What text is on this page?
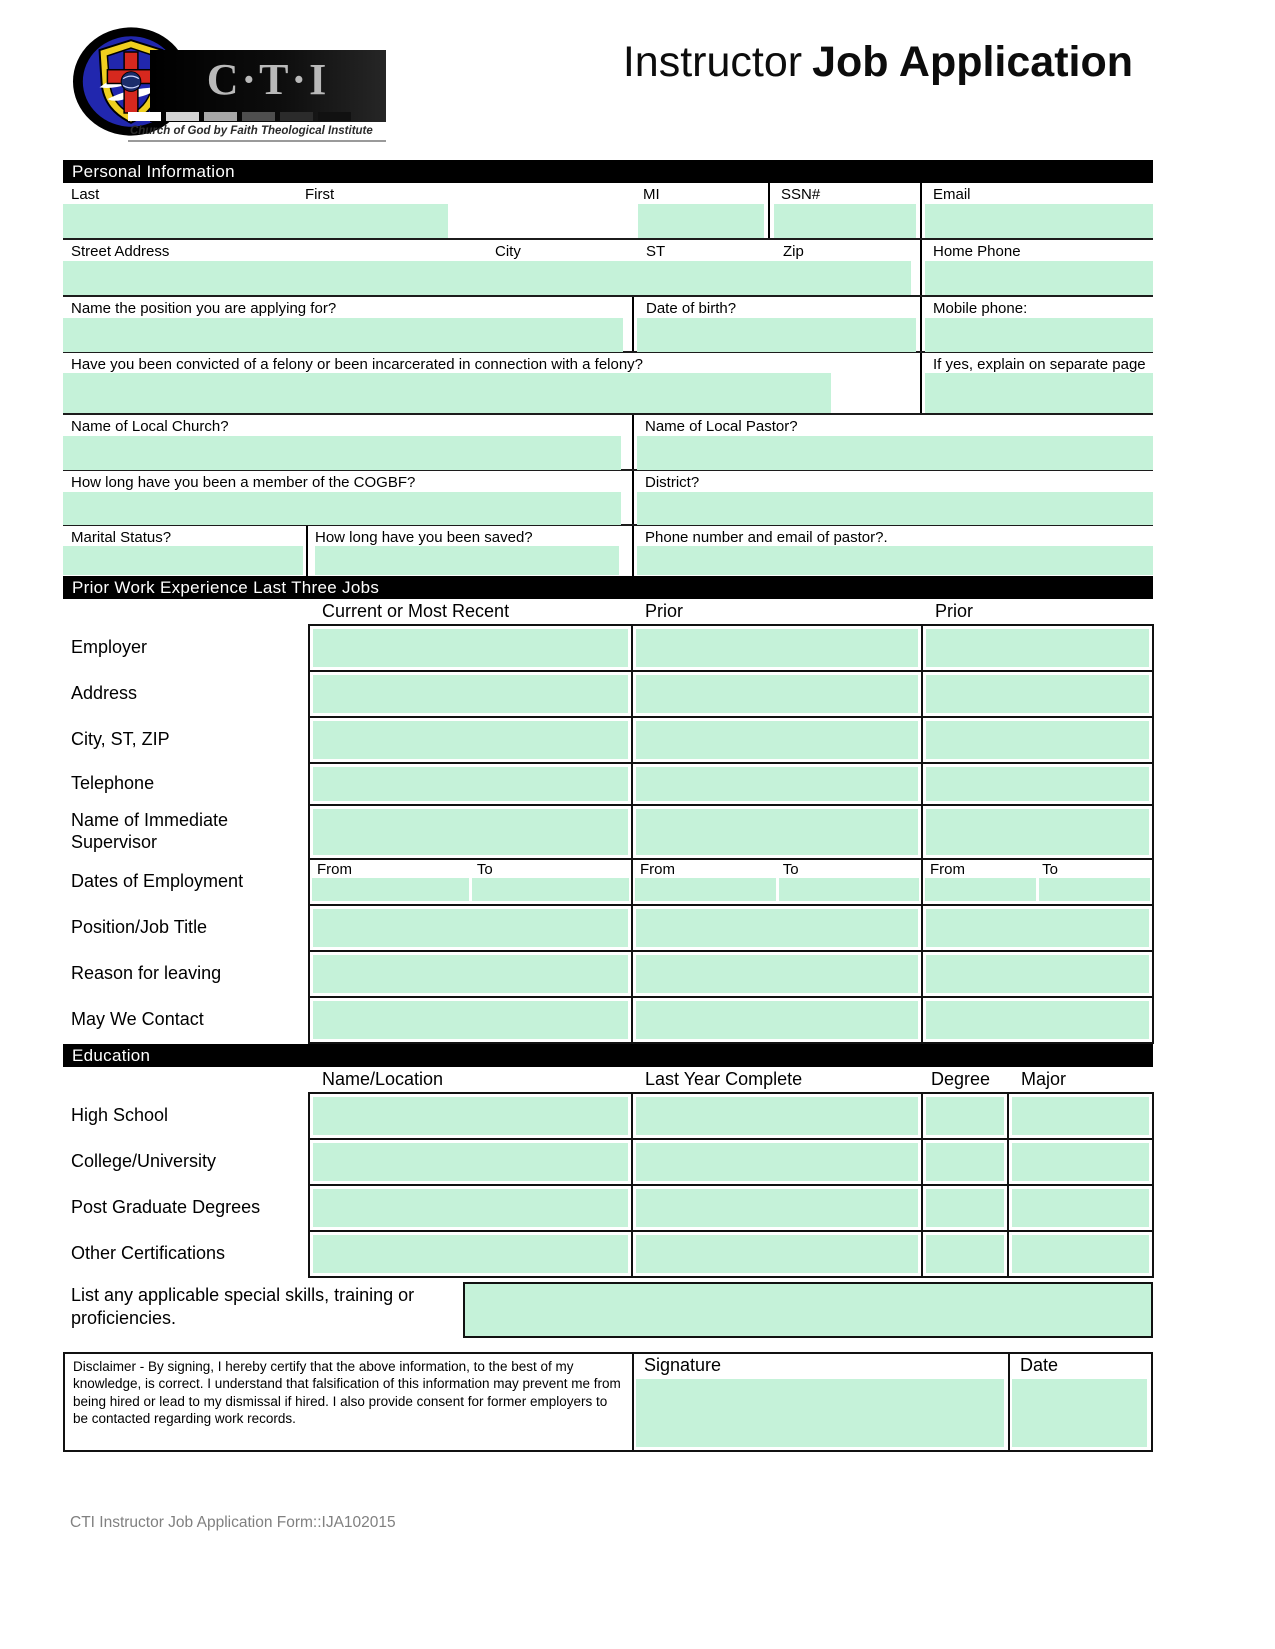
C·T·I
Church of God by Faith Theological Institute
Instructor Job Application
Personal Information
Last	First	MI	SSN#	Email
Street Address	City	ST	Zip	Home Phone
Name the position you are applying for?	Date of birth?	Mobile phone:
Have you been convicted of a felony or been incarcerated in connection with a felony?	If yes, explain on separate page
Name of Local Church?	Name of Local Pastor?
How long have you been a member of the COGBF?	District?
Marital Status?	How long have you been saved?	Phone number and email of pastor?.
Prior Work Experience Last Three Jobs
	Current or Most Recent	Prior	Prior
Employer	

Address	

City, ST, ZIP	

Telephone	

Name of Immediate Supervisor	

Dates of Employment	From To	From To	From To

Position/Job Title	

Reason for leaving	

May We Contact	

Education
	Name/Location	Last Year Complete	Degree	Major
High School	

College/University	

Post Graduate Degrees	

Other Certifications	

List any applicable special skills, training or proficiencies.
Disclaimer - By signing, I hereby certify that the above information, to the best of my knowledge, is correct. I understand that falsification of this information may prevent me from being hired or lead to my dismissal if hired. I also provide consent for former employers to be contacted regarding work records.
Signature	Date
CTI Instructor Job Application Form::IJA102015
